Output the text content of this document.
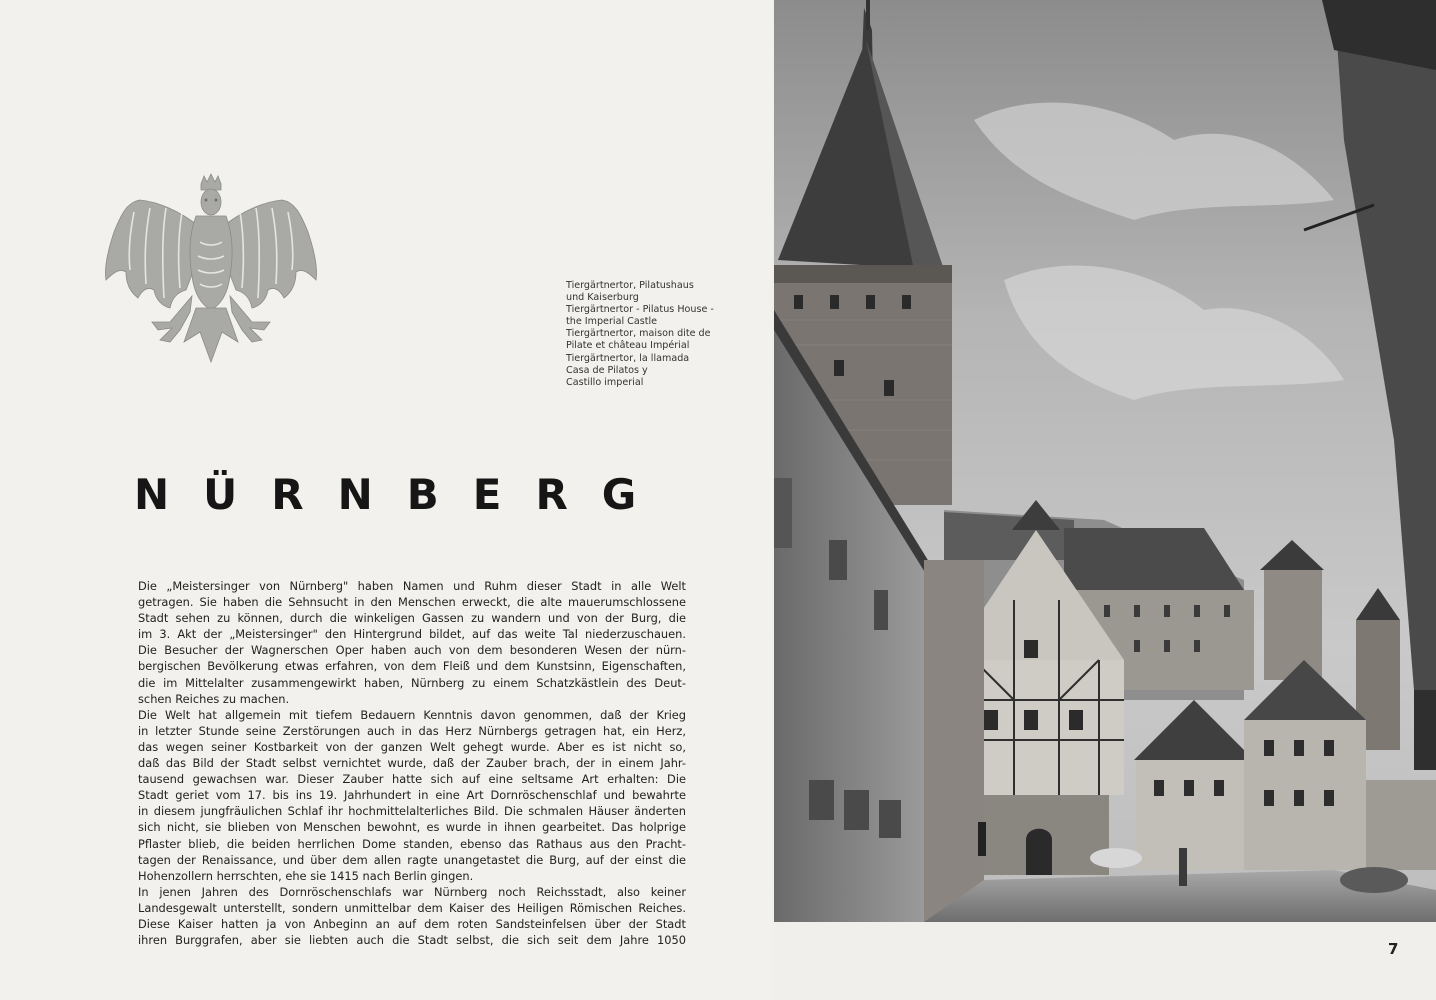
Tiergärtnertor, Pilatushaus
und Kaiserburg
Tiergärtnertor - Pilatus House -
the Imperial Castle
Tiergärtnertor, maison dite de
Pilate et château Impérial
Tiergärtnertor, la llamada
Casa de Pilatos y
Castillo imperial
NÜRNBERG
Die „Meistersinger von Nürnberg" haben Namen und Ruhm dieser Stadt in alle Welt
getragen. Sie haben die Sehnsucht in den Menschen erweckt, die alte mauerumschlossene
Stadt sehen zu können, durch die winkeligen Gassen zu wandern und von der Burg, die
im 3. Akt der „Meistersinger" den Hintergrund bildet, auf das weite Tal niederzuschauen.
Die Besucher der Wagnerschen Oper haben auch von dem besonderen Wesen der nürn-
bergischen Bevölkerung etwas erfahren, von dem Fleiß und dem Kunstsinn, Eigenschaften,
die im Mittelalter zusammengewirkt haben, Nürnberg zu einem Schatzkästlein des Deut-
schen Reiches zu machen.
Die Welt hat allgemein mit tiefem Bedauern Kenntnis davon genommen, daß der Krieg
in letzter Stunde seine Zerstörungen auch in das Herz Nürnbergs getragen hat, ein Herz,
das wegen seiner Kostbarkeit von der ganzen Welt gehegt wurde. Aber es ist nicht so,
daß das Bild der Stadt selbst vernichtet wurde, daß der Zauber brach, der in einem Jahr-
tausend gewachsen war. Dieser Zauber hatte sich auf eine seltsame Art erhalten: Die
Stadt geriet vom 17. bis ins 19. Jahrhundert in eine Art Dornröschenschlaf und bewahrte
in diesem jungfräulichen Schlaf ihr hochmittelalterliches Bild. Die schmalen Häuser änderten
sich nicht, sie blieben von Menschen bewohnt, es wurde in ihnen gearbeitet. Das holprige
Pflaster blieb, die beiden herrlichen Dome standen, ebenso das Rathaus aus den Pracht-
tagen der Renaissance, und über dem allen ragte unangetastet die Burg, auf der einst die
Hohenzollern herrschten, ehe sie 1415 nach Berlin gingen.
In jenen Jahren des Dornröschenschlafs war Nürnberg noch Reichsstadt, also keiner
Landesgewalt unterstellt, sondern unmittelbar dem Kaiser des Heiligen Römischen Reiches.
Diese Kaiser hatten ja von Anbeginn an auf dem roten Sandsteinfelsen über der Stadt
ihren Burggrafen, aber sie liebten auch die Stadt selbst, die sich seit dem Jahre 1050	7
